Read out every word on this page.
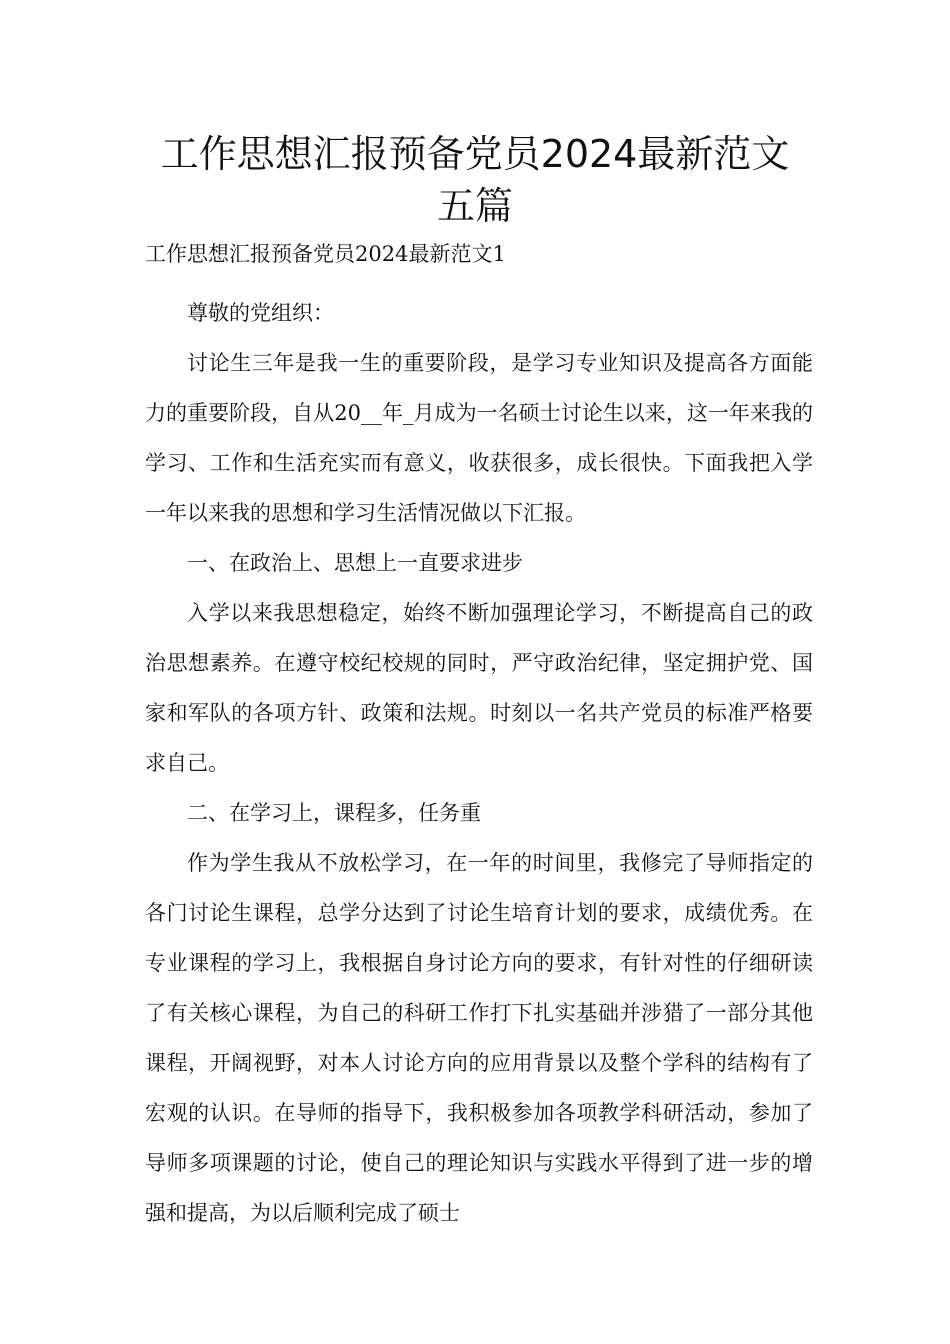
工作思想汇报预备党员2024最新范文
五篇
工作思想汇报预备党员2024最新范文1

尊敬的党组织：

讨论生三年是我一生的重要阶段，是学习专业知识及提高各方面能力的重要阶段，自从20__年_月成为一名硕士讨论生以来，这一年来我的学习、工作和生活充实而有意义，收获很多，成长很快。下面我把入学一年以来我的思想和学习生活情况做以下汇报。

一、在政治上、思想上一直要求进步

入学以来我思想稳定，始终不断加强理论学习，不断提高自己的政治思想素养。在遵守校纪校规的同时，严守政治纪律，坚定拥护党、国家和军队的各项方针、政策和法规。时刻以一名共产党员的标准严格要求自己。

二、在学习上，课程多，任务重

作为学生我从不放松学习，在一年的时间里，我修完了导师指定的各门讨论生课程，总学分达到了讨论生培育计划的要求，成绩优秀。在专业课程的学习上，我根据自身讨论方向的要求，有针对性的仔细研读了有关核心课程，为自己的科研工作打下扎实基础并涉猎了一部分其他课程，开阔视野，对本人讨论方向的应用背景以及整个学科的结构有了宏观的认识。在导师的指导下，我积极参加各项教学科研活动，参加了导师多项课题的讨论，使自己的理论知识与实践水平得到了进一步的增强和提高，为以后顺利完成了硕士
